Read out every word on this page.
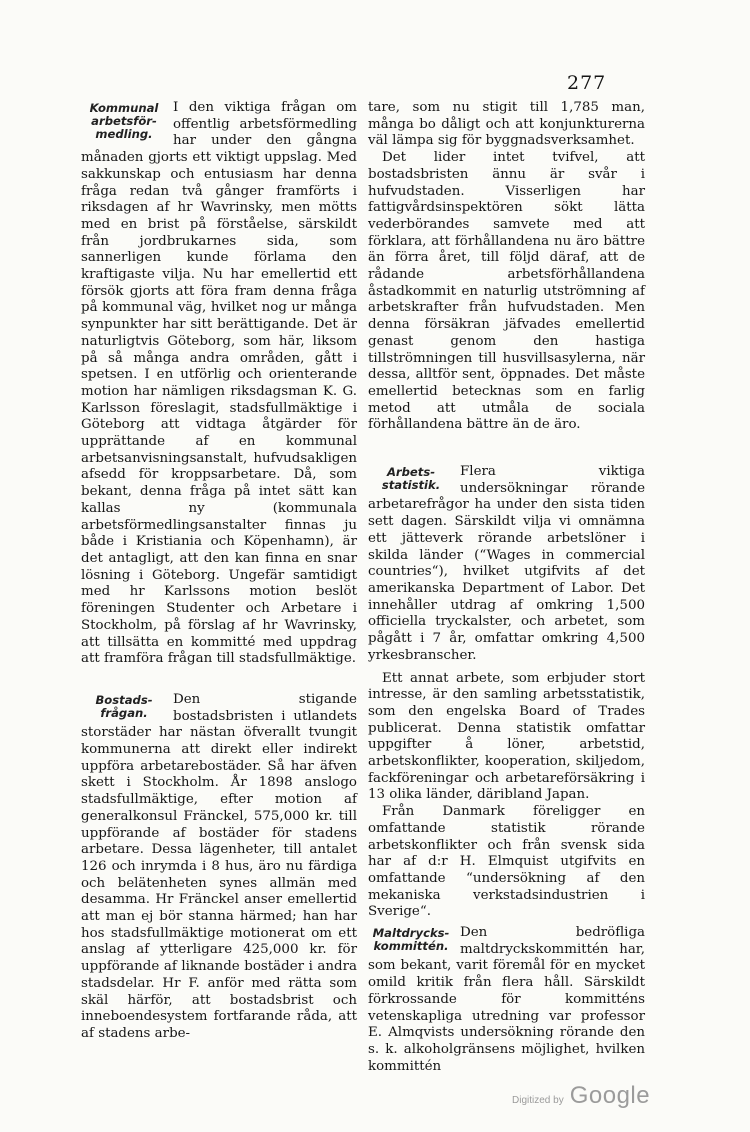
277
Kommunal arbetsför-medling.

I den viktiga frågan om offentlig arbetsförmedling har under den gångna månaden gjorts ett viktigt uppslag. Med sakkunskap och entusiasm har denna fråga redan två gånger framförts i riksdagen af hr Wavrinsky, men mötts med en brist på förståelse, särskildt från jordbrukarnes sida, som sannerligen kunde förlama den kraftigaste vilja. Nu har emellertid ett försök gjorts att föra fram denna fråga på kommunal väg, hvilket nog ur många synpunkter har sitt berättigande. Det är naturligtvis Göteborg, som här, liksom på så många andra områden, gått i spetsen. I en utförlig och orienterande motion har nämligen riksdagsman K. G. Karlsson föreslagit, stadsfullmäktige i Göteborg att vidtaga åtgärder för upprättande af en kommunal arbetsanvisningsanstalt, hufvudsakligen afsedd för kroppsarbetare. Då, som bekant, denna fråga på intet sätt kan kallas ny (kommunala arbetsförmedlingsanstalter finnas ju både i Kristiania och Köpenhamn), är det antagligt, att den kan finna en snar lösning i Göteborg. Ungefär samtidigt med hr Karlssons motion beslöt föreningen Studenter och Arbetare i Stockholm, på förslag af hr Wavrinsky, att tillsätta en kommitté med uppdrag att framföra frågan till stadsfullmäktige.

Bostads-frågan.

Den stigande bostadsbristen i utlandets storstäder har nästan öfverallt tvungit kommunerna att direkt eller indirekt uppföra arbetarebostäder. Så har äfven skett i Stockholm. År 1898 anslogo stadsfullmäktige, efter motion af generalkonsul Fränckel, 575,000 kr. till uppförande af bostäder för stadens arbetare. Dessa lägenheter, till antalet 126 och inrymda i 8 hus, äro nu färdiga och belätenheten synes allmän med desamma. Hr Fränckel anser emellertid att man ej bör stanna härmed; han har hos stadsfullmäktige motionerat om ett anslag af ytterligare 425,000 kr. för uppförande af liknande bostäder i andra stadsdelar. Hr F. anför med rätta som skäl härför, att bostadsbrist och inneboendesystem fortfarande råda, att af stadens arbe-

tare, som nu stigit till 1,785 man, många bo dåligt och att konjunkturerna väl lämpa sig för byggnadsverksamhet.

Det lider intet tvifvel, att bostadsbristen ännu är svår i hufvudstaden. Visserligen har fattigvårdsinspektören sökt lätta vederbörandes samvete med att förklara, att förhållandena nu äro bättre än förra året, till följd däraf, att de rådande arbetsförhållandena åstadkommit en naturlig utströmning af arbetskrafter från hufvudstaden. Men denna försäkran jäfvades emellertid genast genom den hastiga tillströmningen till husvillsasylerna, när dessa, alltför sent, öppnades. Det måste emellertid betecknas som en farlig metod att utmåla de sociala förhållandena bättre än de äro.

Arbets-statistik.

Flera viktiga undersökningar rörande arbetarefrågor ha under den sista tiden sett dagen. Särskildt vilja vi omnämna ett jätteverk rörande arbetslöner i skilda länder (“Wages in commercial countries“), hvilket utgifvits af det amerikanska Department of Labor. Det innehåller utdrag af omkring 1,500 officiella tryckalster, och arbetet, som pågått i 7 år, omfattar omkring 4,500 yrkesbranscher.

Ett annat arbete, som erbjuder stort intresse, är den samling arbetsstatistik, som den engelska Board of Trades publicerat. Denna statistik omfattar uppgifter å löner, arbetstid, arbetskonflikter, kooperation, skiljedom, fackföreningar och arbetareförsäkring i 13 olika länder, däribland Japan.

Från Danmark föreligger en omfattande statistik rörande arbetskonflikter och från svensk sida har af d:r H. Elmquist utgifvits en omfattande “undersökning af den mekaniska verkstadsindustrien i Sverige“.

Maltdrycks-kommittén.

Den bedröfliga maltdryckskommittén har, som bekant, varit föremål för en mycket omild kritik från flera håll. Särskildt förkrossande för kommitténs vetenskapliga utredning var professor E. Almqvists undersökning rörande den s. k. alkoholgränsens möjlighet, hvilken kommittén

Digitized by Google
